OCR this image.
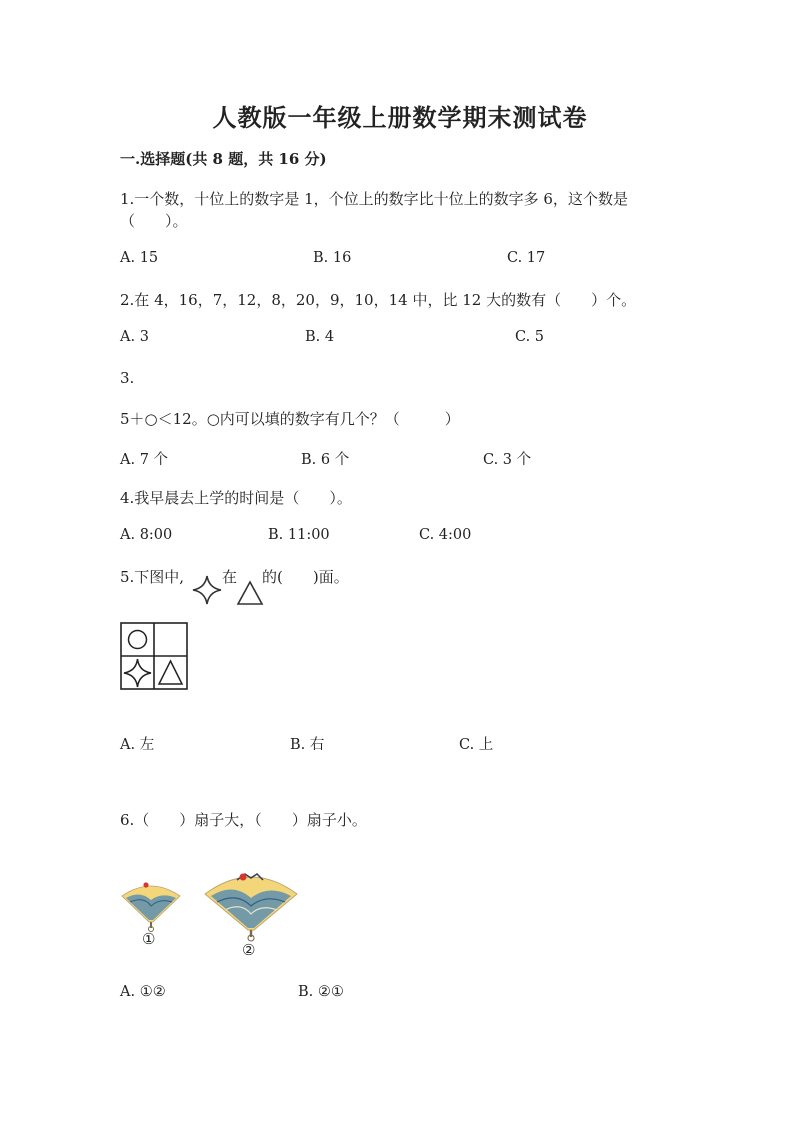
人教版一年级上册数学期末测试卷
一.选择题(共 8 题，共 16 分)
1.一个数，十位上的数字是 1，个位上的数字比十位上的数字多 6，这个数是
（　　）。
A. 15	B. 16	C. 17
2.在 4，16，7，12，8，20，9，10，14 中，比 12 大的数有（　　）个。
A. 3	B. 4	C. 5
3.
5＋○＜12。○内可以填的数字有几个？（　　　）
A. 7 个	B. 6 个	C. 3 个
4.我早晨去上学的时间是（　　）。
A. 8:00	B. 11:00	C. 4:00
5.下图中,	在 的(　　)面。
A. 左	B. 右	C. 上
6.（　　）扇子大，（　　）扇子小。
①
②
A. ①②	B. ②①
